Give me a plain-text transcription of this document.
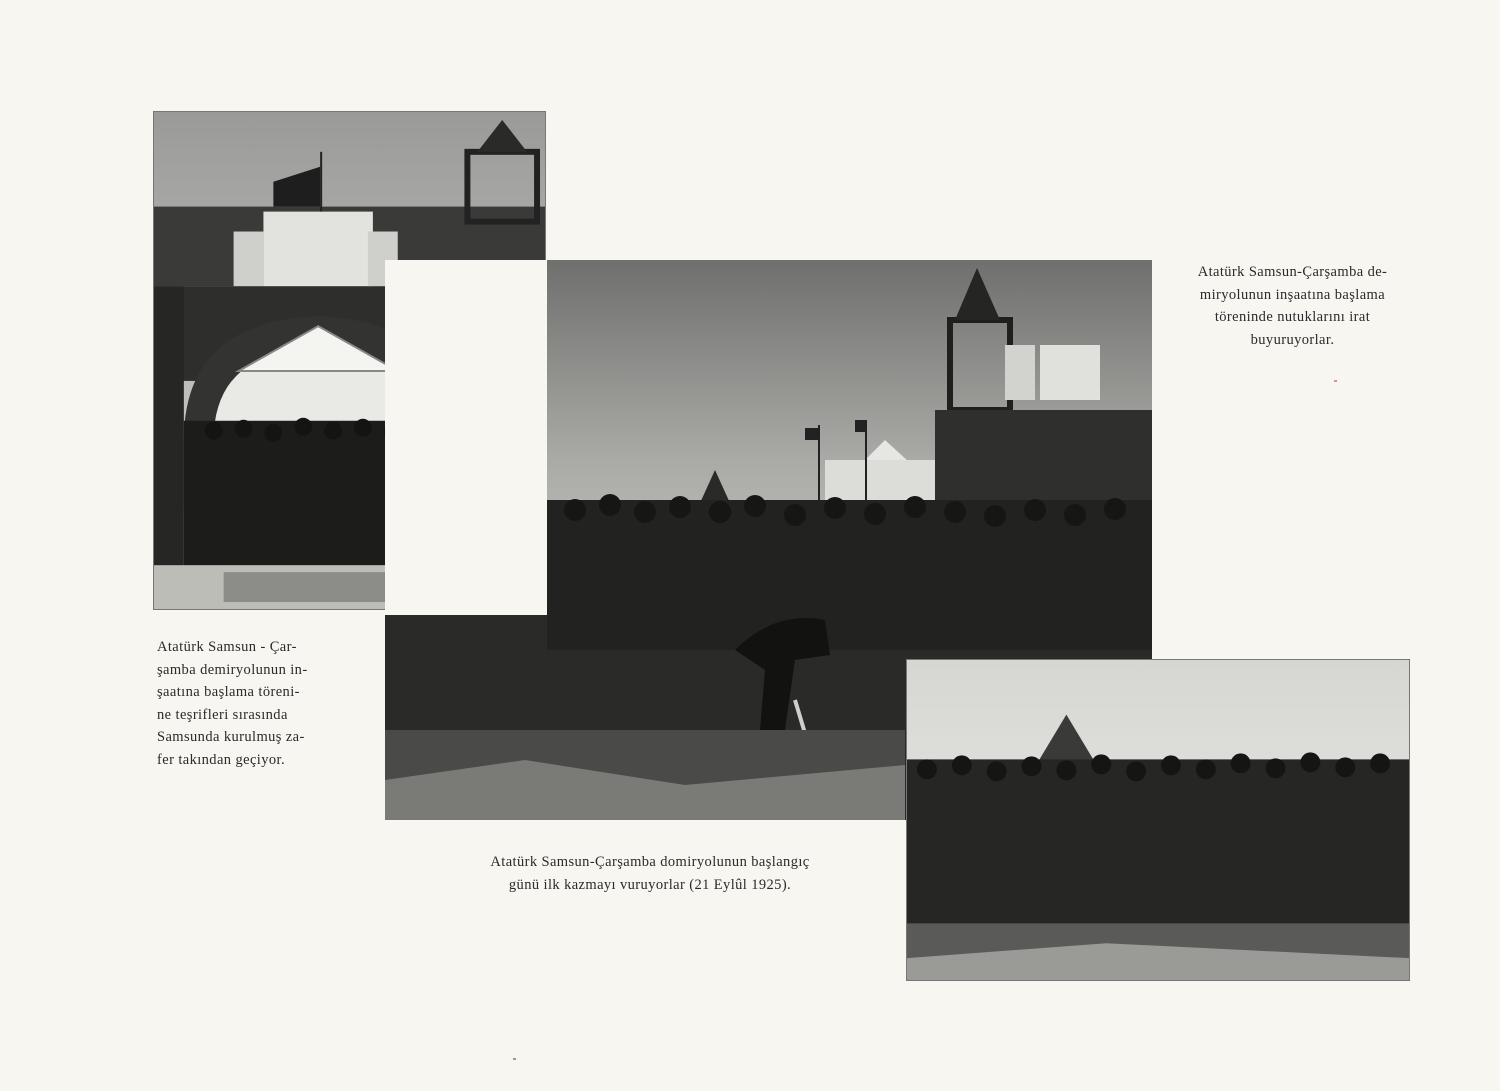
Atatürk Samsun-Çarşamba de-
miryolunun inşaatına başlama
töreninde nutuklarını irat
buyuruyorlar.
Atatürk Samsun - Çar-
şamba demiryolunun in-
şaatına başlama töreni-
ne teşrifleri sırasında
Samsunda kurulmuş za-
fer takından geçiyor.
Atatürk Samsun-Çarşamba domiryolunun başlangıç
günü ilk kazmayı vuruyorlar (21 Eylûl 1925).
